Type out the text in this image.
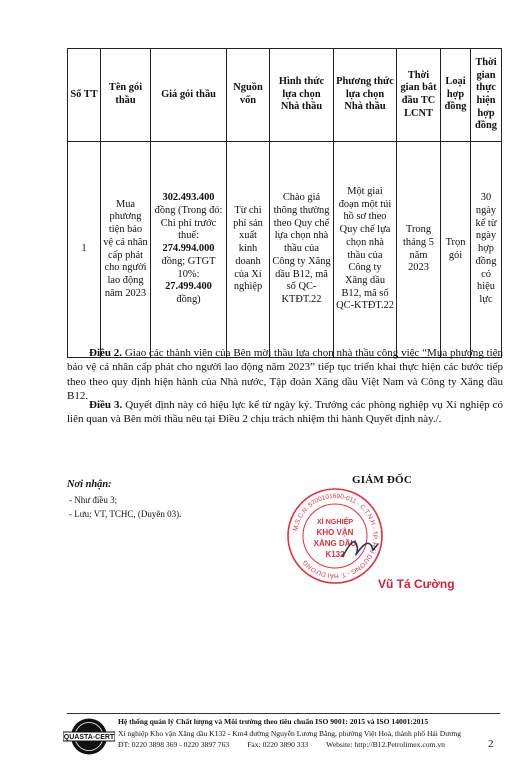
Số TT	Tên gói thầu	Giá gói thầu	Nguồn vốn	Hình thức lựa chọn Nhà thầu	Phương thức lựa chọn Nhà thầu	Thời gian bắt đầu TC LCNT	Loại hợp đồng	Thời gian thực hiện hợp đồng
1	Mua phương tiện bảo vệ cá nhân cấp phát cho người lao động năm 2023	302.493.400 đồng (Trong đó: Chi phí trước thuế: 274.994.000 đồng; GTGT 10%: 27.499.400 đồng)	Từ chi phí sản xuất kinh doanh của Xí nghiệp	Chào giá thông thường theo Quy chế lựa chọn nhà thầu của Công ty Xăng dầu B12, mã số QC-KTĐT.22	Một giai đoạn một túi hồ sơ theo Quy chế lựa chọn nhà thầu của Công ty Xăng dầu B12, mã số QC-KTĐT.22	Trong tháng 5 năm 2023	Trọn gói	30 ngày kể từ ngày hợp đồng có hiệu lực
Điều 2. Giao các thành viên của Bên mời thầu lựa chọn nhà thầu công việc “Mua phương tiện bảo vệ cá nhân cấp phát cho người lao động năm 2023” tiếp tục triển khai thực hiện các bước tiếp theo theo quy định hiện hành của Nhà nước, Tập đoàn Xăng dầu Việt Nam và Công ty Xăng dầu B12.
Điều 3. Quyết định này có hiệu lực kể từ ngày ký. Trưởng các phòng nghiệp vụ Xí nghiệp có liên quan và Bên mời thầu nêu tại Điều 2 chịu trách nhiệm thi hành Quyết định này./.
Nơi nhận:
- Như điều 3;
- Lưu: VT, TCHC, (Duyên 03).
GIÁM ĐỐC
M.S.C.N: 5700101690-011 - C.T.N.H - TP. HẢI DƯƠNG - T. HẢI DƯƠNG
XÍ NGHIỆP
KHO VẬN
XĂNG DẦU
K132
Vũ Tá Cường
QUASTA-CERT
Hệ thống quản lý Chất lượng và Môi trường theo tiêu chuẩn ISO 9001: 2015 và ISO 14001:2015
Xí nghiệp Kho vận Xăng dầu K132 - Km4 đường Nguyễn Lương Bằng, phường Việt Hoà, thành phố Hải Dương
ĐT: 0220 3898 369 - 0220 3897 763 Fax: 0220 3890 333 Website: http://B12.Petrolimex.com.vn	2
